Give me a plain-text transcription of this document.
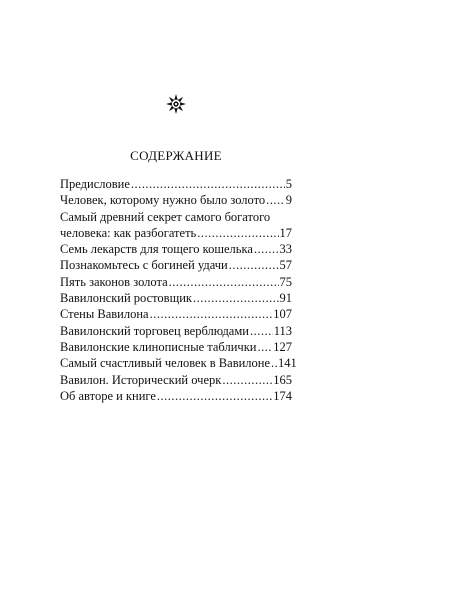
СОДЕРЖАНИЕ
Предисловие .....	5
Человек, которому нужно было золото ..... 9
Самый древний секрет самого богатого
человека: как разбогатеть .....	17
Семь лекарств для тощего кошелька ..... 33
Познакомьтесь с богиней удачи .....	57
Пять законов золота .....	75
Вавилонский ростовщик .....	91
Стены Вавилона .....	107
Вавилонский торговец верблюдами ..... 113
Вавилонские клинописные таблички ..... 127
Самый счастливый человек в Вавилоне ..... 141
Вавилон. Исторический очерк .....	165
Об авторе и книге .....	174
